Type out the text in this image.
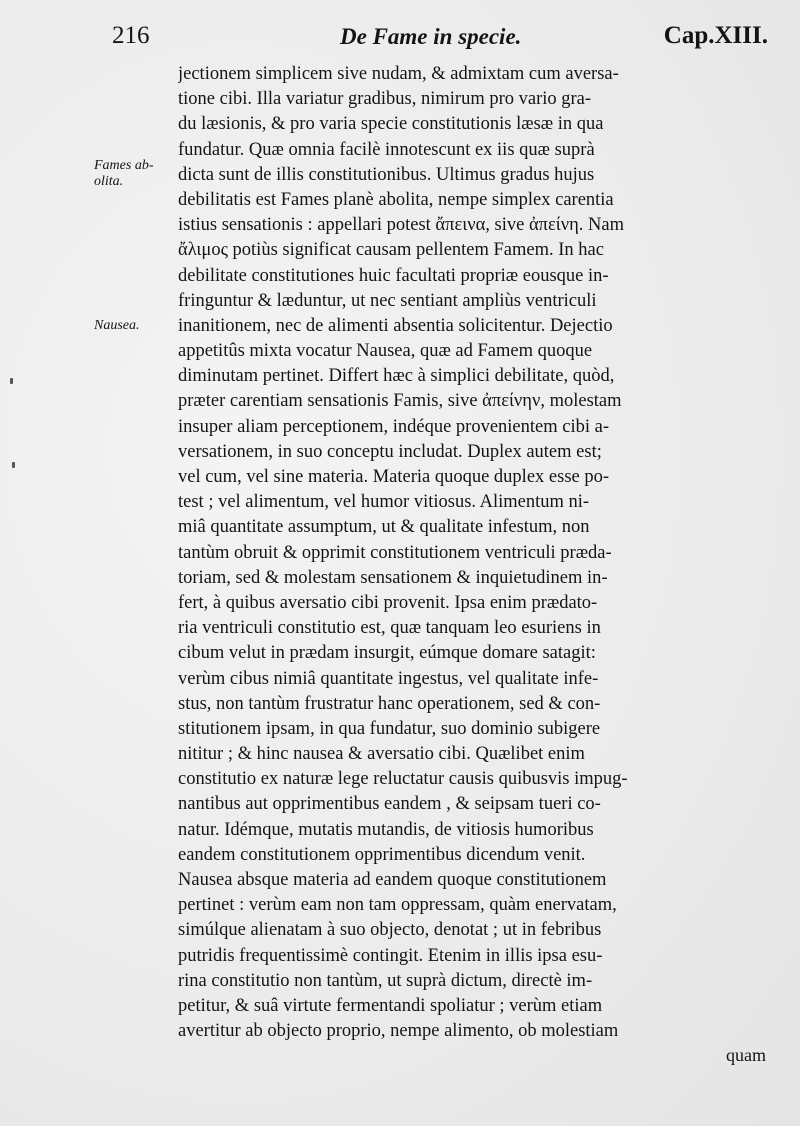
216	De Fame in specie.	Cap.XIII.
Fames ab-
olita.
Nausea.
jectionem simplicem sive nudam, & admixtam cum aversa-
tione cibi. Illa variatur gradibus, nimirum pro vario gra-
du læsionis, & pro varia specie constitutionis læsæ in qua
fundatur. Quæ omnia facilè innotescunt ex iis quæ suprà
dicta sunt de illis constitutionibus. Ultimus gradus hujus
debilitatis est Fames planè abolita, nempe simplex carentia
istius sensationis : appellari potest ἄπεινα, sive ἀπείνη. Nam
ἄλιμος potiùs significat causam pellentem Famem. In hac
debilitate constitutiones huic facultati propriæ eousque in-
fringuntur & læduntur, ut nec sentiant ampliùs ventriculi
inanitionem, nec de alimenti absentia solicitentur. Dejectio
appetitûs mixta vocatur Nausea, quæ ad Famem quoque
diminutam pertinet. Differt hæc à simplici debilitate, quòd,
præter carentiam sensationis Famis, sive ἀπείνην, molestam
insuper aliam perceptionem, indéque provenientem cibi a-
versationem, in suo conceptu includat. Duplex autem est;
vel cum, vel sine materia. Materia quoque duplex esse po-
test ; vel alimentum, vel humor vitiosus. Alimentum ni-
miâ quantitate assumptum, ut & qualitate infestum, non
tantùm obruit & opprimit constitutionem ventriculi præda-
toriam, sed & molestam sensationem & inquietudinem in-
fert, à quibus aversatio cibi provenit. Ipsa enim prædato-
ria ventriculi constitutio est, quæ tanquam leo esuriens in
cibum velut in prædam insurgit, eúmque domare satagit:
verùm cibus nimiâ quantitate ingestus, vel qualitate infe-
stus, non tantùm frustratur hanc operationem, sed & con-
stitutionem ipsam, in qua fundatur, suo dominio subigere
nititur ; & hinc nausea & aversatio cibi. Quælibet enim
constitutio ex naturæ lege reluctatur causis quibusvis impug-
nantibus aut opprimentibus eandem , & seipsam tueri co-
natur. Idémque, mutatis mutandis, de vitiosis humoribus
eandem constitutionem opprimentibus dicendum venit.
Nausea absque materia ad eandem quoque constitutionem
pertinet : verùm eam non tam oppressam, quàm enervatam,
simúlque alienatam à suo objecto, denotat ; ut in febribus
putridis frequentissimè contingit. Etenim in illis ipsa esu-
rina constitutio non tantùm, ut suprà dictum, directè im-
petitur, & suâ virtute fermentandi spoliatur ; verùm etiam
avertitur ab objecto proprio, nempe alimento, ob molestiam
quam
